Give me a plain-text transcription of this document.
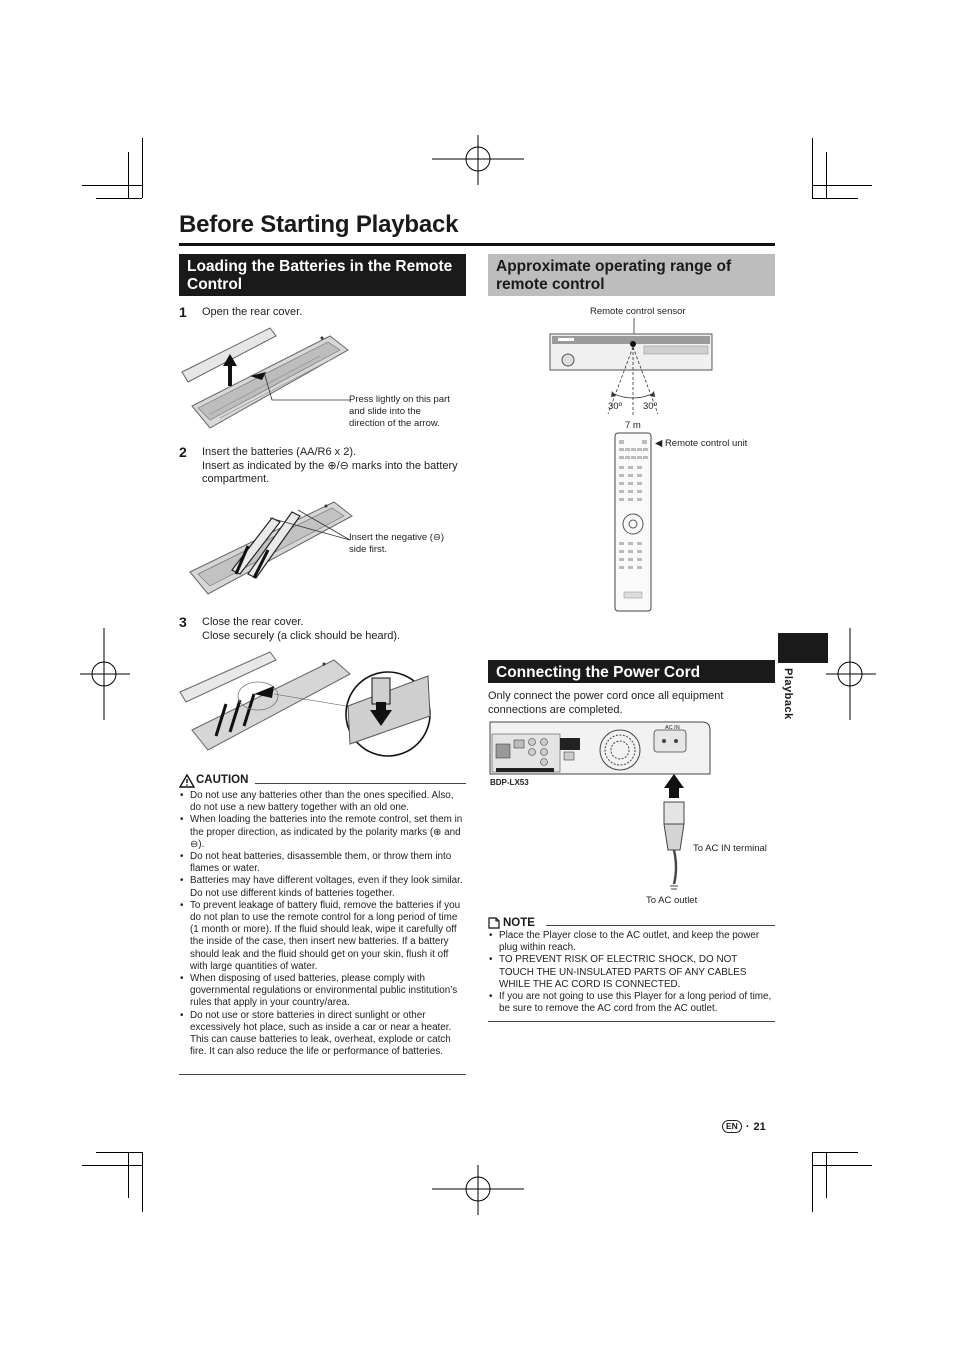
Before Starting Playback
Loading the Batteries in the Remote Control
1 Open the rear cover.
Press lightly on this part and slide into the direction of the arrow.
2 Insert the batteries (AA/R6 x 2).
Insert as indicated by the ⊕/⊖ marks into the battery compartment.
Insert the negative (⊖) side first.
3 Close the rear cover.
Close securely (a click should be heard).
CAUTION
• Do not use any batteries other than the ones specified. Also, do not use a new battery together with an old one.
• When loading the batteries into the remote control, set them in the proper direction, as indicated by the polarity marks (⊕ and ⊖).
• Do not heat batteries, disassemble them, or throw them into flames or water.
• Batteries may have different voltages, even if they look similar. Do not use different kinds of batteries together.
• To prevent leakage of battery fluid, remove the batteries if you do not plan to use the remote control for a long period of time (1 month or more). If the fluid should leak, wipe it carefully off the inside of the case, then insert new batteries. If a battery should leak and the fluid should get on your skin, flush it off with large quantities of water.
• When disposing of used batteries, please comply with governmental regulations or environmental public institution’s rules that apply in your country/area.
• Do not use or store batteries in direct sunlight or other excessively hot place, such as inside a car or near a heater. This can cause batteries to leak, overheat, explode or catch fire. It can also reduce the life or performance of batteries.
Approximate operating range of remote control
Remote control sensor
30º 30º
7 m
◀ Remote control unit
Playback
Connecting the Power Cord
Only connect the power cord once all equipment connections are completed.
AC IN
BDP-LX53
To AC IN terminal
To AC outlet
NOTE
• Place the Player close to the AC outlet, and keep the power plug within reach.
• TO PREVENT RISK OF ELECTRIC SHOCK, DO NOT TOUCH THE UN-INSULATED PARTS OF ANY CABLES WHILE THE AC CORD IS CONNECTED.
• If you are not going to use this Player for a long period of time, be sure to remove the AC cord from the AC outlet.
EN · 21
